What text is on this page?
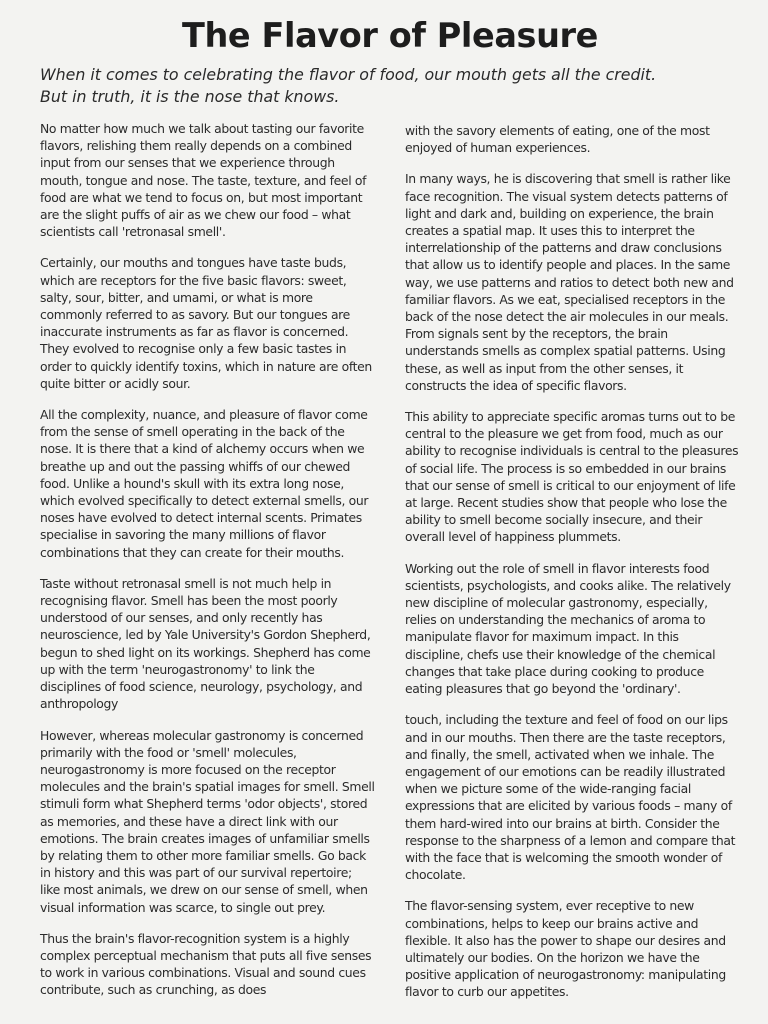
The Flavor of Pleasure
When it comes to celebrating the flavor of food, our mouth gets all the credit.
But in truth, it is the nose that knows.

No matter how much we talk about tasting our favorite flavors, relishing them really depends on a combined input from our senses that we experience through mouth, tongue and nose. The taste, texture, and feel of food are what we tend to focus on, but most important are the slight puffs of air as we chew our food – what scientists call 'retronasal smell'.

Certainly, our mouths and tongues have taste buds, which are receptors for the five basic flavors: sweet, salty, sour, bitter, and umami, or what is more commonly referred to as savory. But our tongues are inaccurate instruments as far as flavor is concerned. They evolved to recognise only a few basic tastes in order to quickly identify toxins, which in nature are often quite bitter or acidly sour.

All the complexity, nuance, and pleasure of flavor come from the sense of smell operating in the back of the nose. It is there that a kind of alchemy occurs when we breathe up and out the passing whiffs of our chewed food. Unlike a hound's skull with its extra long nose, which evolved specifically to detect external smells, our noses have evolved to detect internal scents. Primates specialise in savoring the many millions of flavor combinations that they can create for their mouths.

Taste without retronasal smell is not much help in recognising flavor. Smell has been the most poorly understood of our senses, and only recently has neuroscience, led by Yale University's Gordon Shepherd, begun to shed light on its workings. Shepherd has come up with the term 'neurogastronomy' to link the disciplines of food science, neurology, psychology, and anthropology

However, whereas molecular gastronomy is concerned primarily with the food or 'smell' molecules, neurogastronomy is more focused on the receptor molecules and the brain's spatial images for smell. Smell stimuli form what Shepherd terms 'odor objects', stored as memories, and these have a direct link with our emotions. The brain creates images of unfamiliar smells by relating them to other more familiar smells. Go back in history and this was part of our survival repertoire; like most animals, we drew on our sense of smell, when visual information was scarce, to single out prey.

Thus the brain's flavor-recognition system is a highly complex perceptual mechanism that puts all five senses to work in various combinations. Visual and sound cues contribute, such as crunching, as does

with the savory elements of eating, one of the most enjoyed of human experiences.

In many ways, he is discovering that smell is rather like face recognition. The visual system detects patterns of light and dark and, building on experience, the brain creates a spatial map. It uses this to interpret the interrelationship of the patterns and draw conclusions that allow us to identify people and places. In the same way, we use patterns and ratios to detect both new and familiar flavors. As we eat, specialised receptors in the back of the nose detect the air molecules in our meals. From signals sent by the receptors, the brain understands smells as complex spatial patterns. Using these, as well as input from the other senses, it constructs the idea of specific flavors.

This ability to appreciate specific aromas turns out to be central to the pleasure we get from food, much as our ability to recognise individuals is central to the pleasures of social life. The process is so embedded in our brains that our sense of smell is critical to our enjoyment of life at large. Recent studies show that people who lose the ability to smell become socially insecure, and their overall level of happiness plummets.

Working out the role of smell in flavor interests food scientists, psychologists, and cooks alike. The relatively new discipline of molecular gastronomy, especially, relies on understanding the mechanics of aroma to manipulate flavor for maximum impact. In this discipline, chefs use their knowledge of the chemical changes that take place during cooking to produce eating pleasures that go beyond the 'ordinary'.

touch, including the texture and feel of food on our lips and in our mouths. Then there are the taste receptors, and finally, the smell, activated when we inhale. The engagement of our emotions can be readily illustrated when we picture some of the wide-ranging facial expressions that are elicited by various foods – many of them hard-wired into our brains at birth. Consider the response to the sharpness of a lemon and compare that with the face that is welcoming the smooth wonder of chocolate.

The flavor-sensing system, ever receptive to new combinations, helps to keep our brains active and flexible. It also has the power to shape our desires and ultimately our bodies. On the horizon we have the positive application of neurogastronomy: manipulating flavor to curb our appetites.
